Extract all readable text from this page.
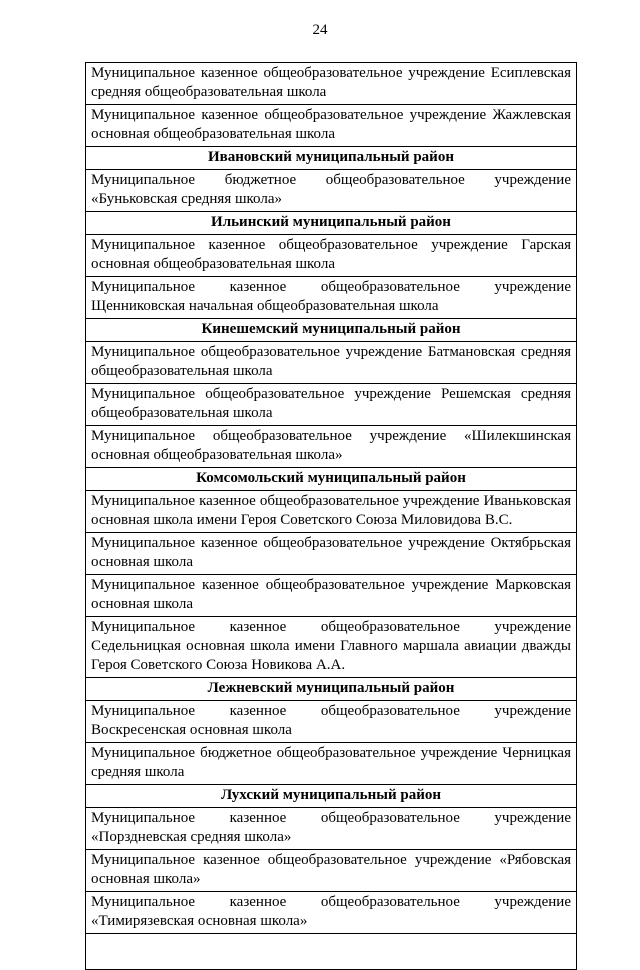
24
Муниципальное казенное общеобразовательное учреждение Есиплевская средняя общеобразовательная школа
Муниципальное казенное общеобразовательное учреждение Жажлевская основная общеобразовательная школа
Ивановский муниципальный район
Муниципальное бюджетное общеобразовательное учреждение «Буньковская средняя школа»
Ильинский муниципальный район
Муниципальное казенное общеобразовательное учреждение Гарская основная общеобразовательная школа
Муниципальное казенное общеобразовательное учреждение Щенниковская начальная общеобразовательная школа
Кинешемский муниципальный район
Муниципальное общеобразовательное учреждение Батмановская средняя общеобразовательная школа
Муниципальное общеобразовательное учреждение Решемская средняя общеобразовательная школа
Муниципальное общеобразовательное учреждение «Шилекшинская основная общеобразовательная школа»
Комсомольский муниципальный район
Муниципальное казенное общеобразовательное учреждение Иваньковская основная школа имени Героя Советского Союза Миловидова В.С.
Муниципальное казенное общеобразовательное учреждение Октябрьская основная школа
Муниципальное казенное общеобразовательное учреждение Марковская основная школа
Муниципальное казенное общеобразовательное учреждение Седельницкая основная школа имени Главного маршала авиации дважды Героя Советского Союза Новикова А.А.
Лежневский муниципальный район
Муниципальное казенное общеобразовательное учреждение Воскресенская основная школа
Муниципальное бюджетное общеобразовательное учреждение Черницкая средняя школа
Лухский муниципальный район
Муниципальное казенное общеобразовательное учреждение «Порздневская средняя школа»
Муниципальное казенное общеобразовательное учреждение «Рябовская основная школа»
Муниципальное казенное общеобразовательное учреждение «Тимирязевская основная школа»
